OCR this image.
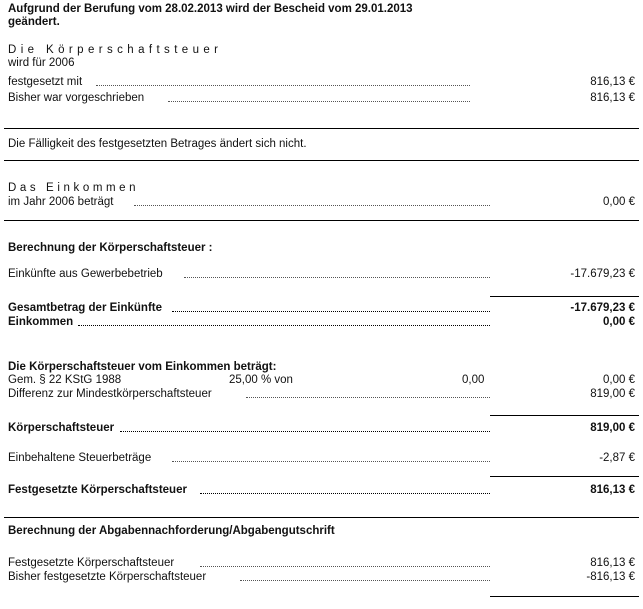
Aufgrund der Berufung vom 28.02.2013 wird der Bescheid vom 29.01.2013
geändert.
Die Körperschaftsteuer
wird für 2006
festgesetzt mit	816,13 €
Bisher war vorgeschrieben	816,13 €
Die Fälligkeit des festgesetzten Betrages ändert sich nicht.
Das Einkommen
im Jahr 2006 beträgt	0,00 €
Berechnung der Körperschaftsteuer :
Einkünfte aus Gewerbebetrieb	-17.679,23 €
Gesamtbetrag der Einkünfte	-17.679,23 €
Einkommen	0,00 €
Die Körperschaftsteuer vom Einkommen beträgt:
Gem. § 22 KStG 1988	25,00 % von	0,00	0,00 €
Differenz zur Mindestkörperschaftsteuer	819,00 €
Körperschaftsteuer	819,00 €
Einbehaltene Steuerbeträge	-2,87 €
Festgesetzte Körperschaftsteuer	816,13 €
Berechnung der Abgabennachforderung/Abgabengutschrift
Festgesetzte Körperschaftsteuer	816,13 €
Bisher festgesetzte Körperschaftsteuer	-816,13 €
